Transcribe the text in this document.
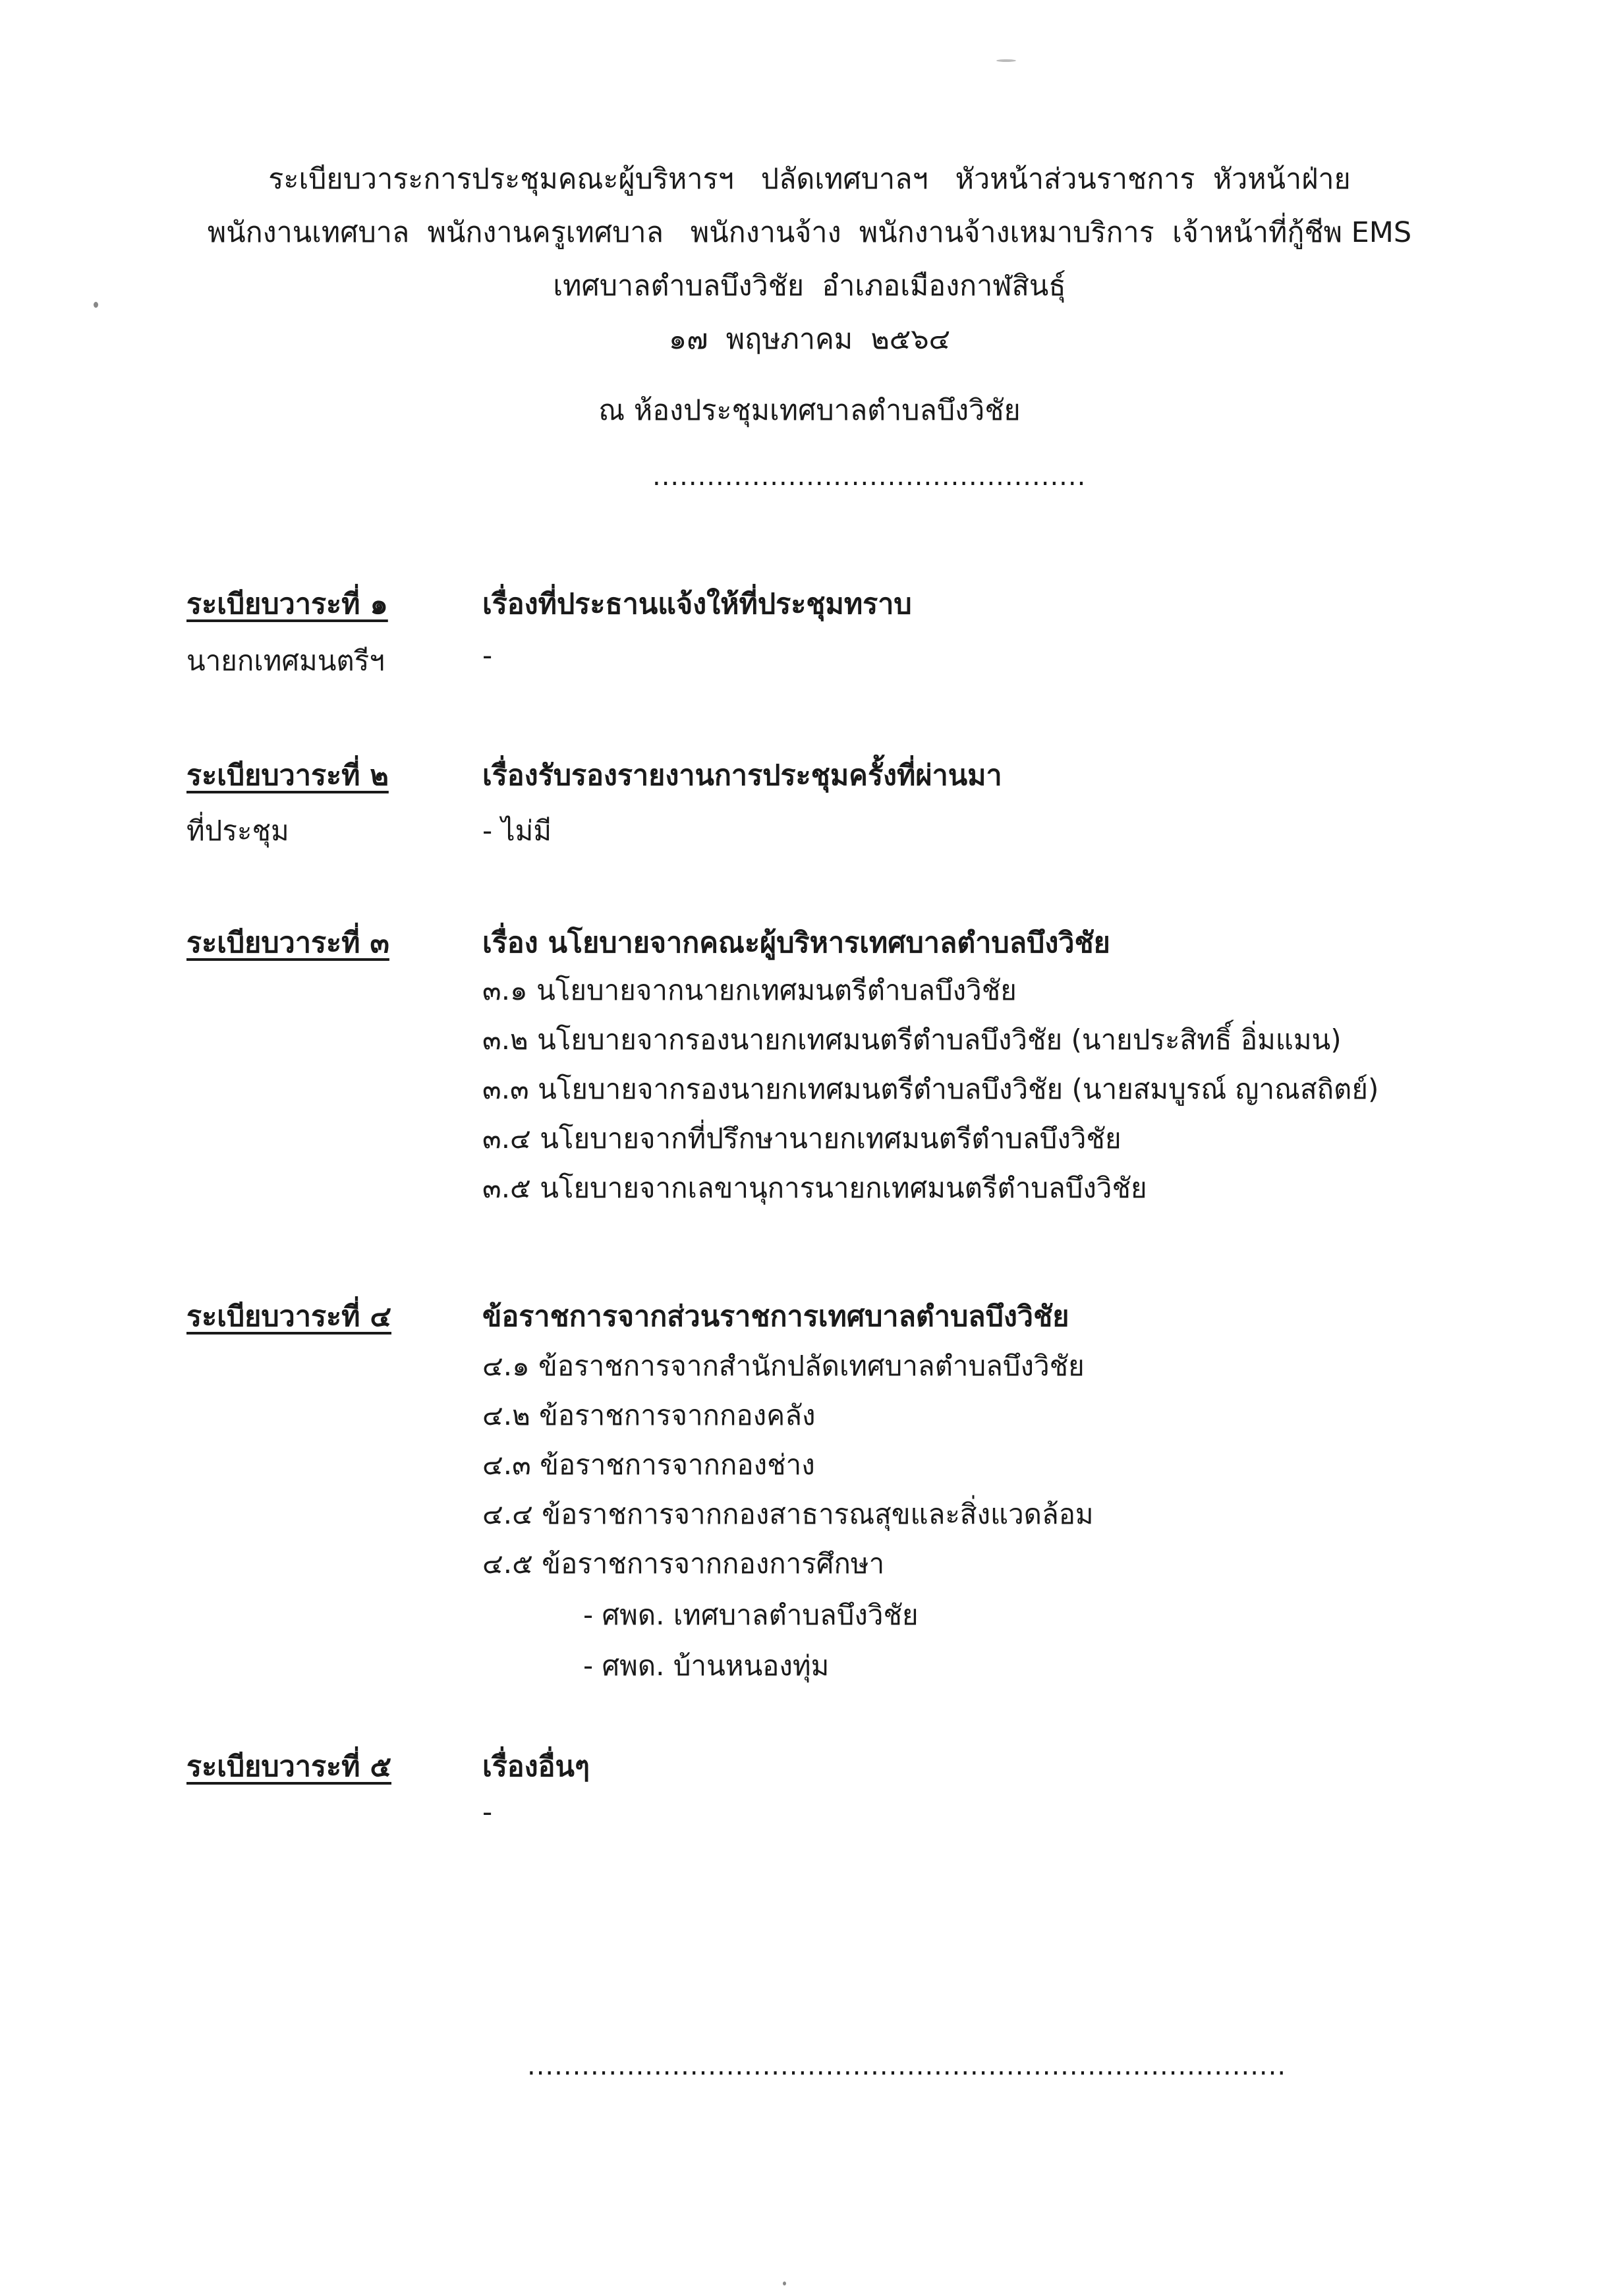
ระเบียบวาระการประชุมคณะผู้บริหารฯ   ปลัดเทศบาลฯ   หัวหน้าส่วนราชการ  หัวหน้าฝ่าย
พนักงานเทศบาล  พนักงานครูเทศบาล   พนักงานจ้าง  พนักงานจ้างเหมาบริการ  เจ้าหน้าที่กู้ชีพ EMS
เทศบาลตำบลบึงวิชัย  อำเภอเมืองกาฬสินธุ์
๑๗  พฤษภาคม  ๒๕๖๔
ณ ห้องประชุมเทศบาลตำบลบึงวิชัย
................................................
ระเบียบวาระที่ ๑	เรื่องที่ประธานแจ้งให้ที่ประชุมทราบ
นายกเทศมนตรีฯ	-
ระเบียบวาระที่ ๒	เรื่องรับรองรายงานการประชุมครั้งที่ผ่านมา
ที่ประชุม	- ไม่มี
ระเบียบวาระที่ ๓	เรื่อง นโยบายจากคณะผู้บริหารเทศบาลตำบลบึงวิชัย
๓.๑ นโยบายจากนายกเทศมนตรีตำบลบึงวิชัย
๓.๒ นโยบายจากรองนายกเทศมนตรีตำบลบึงวิชัย (นายประสิทธิ์ อิ่มแมน)
๓.๓ นโยบายจากรองนายกเทศมนตรีตำบลบึงวิชัย (นายสมบูรณ์ ญาณสถิตย์)
๓.๔ นโยบายจากที่ปรึกษานายกเทศมนตรีตำบลบึงวิชัย
๓.๕ นโยบายจากเลขานุการนายกเทศมนตรีตำบลบึงวิชัย
ระเบียบวาระที่ ๔	ข้อราชการจากส่วนราชการเทศบาลตำบลบึงวิชัย
๔.๑ ข้อราชการจากสำนักปลัดเทศบาลตำบลบึงวิชัย
๔.๒ ข้อราชการจากกองคลัง
๔.๓ ข้อราชการจากกองช่าง
๔.๔ ข้อราชการจากกองสาธารณสุขและสิ่งแวดล้อม
๔.๕ ข้อราชการจากกองการศึกษา
- ศพด. เทศบาลตำบลบึงวิชัย
- ศพด. บ้านหนองทุ่ม
ระเบียบวาระที่ ๕	เรื่องอื่นๆ
-
....................................................................................
